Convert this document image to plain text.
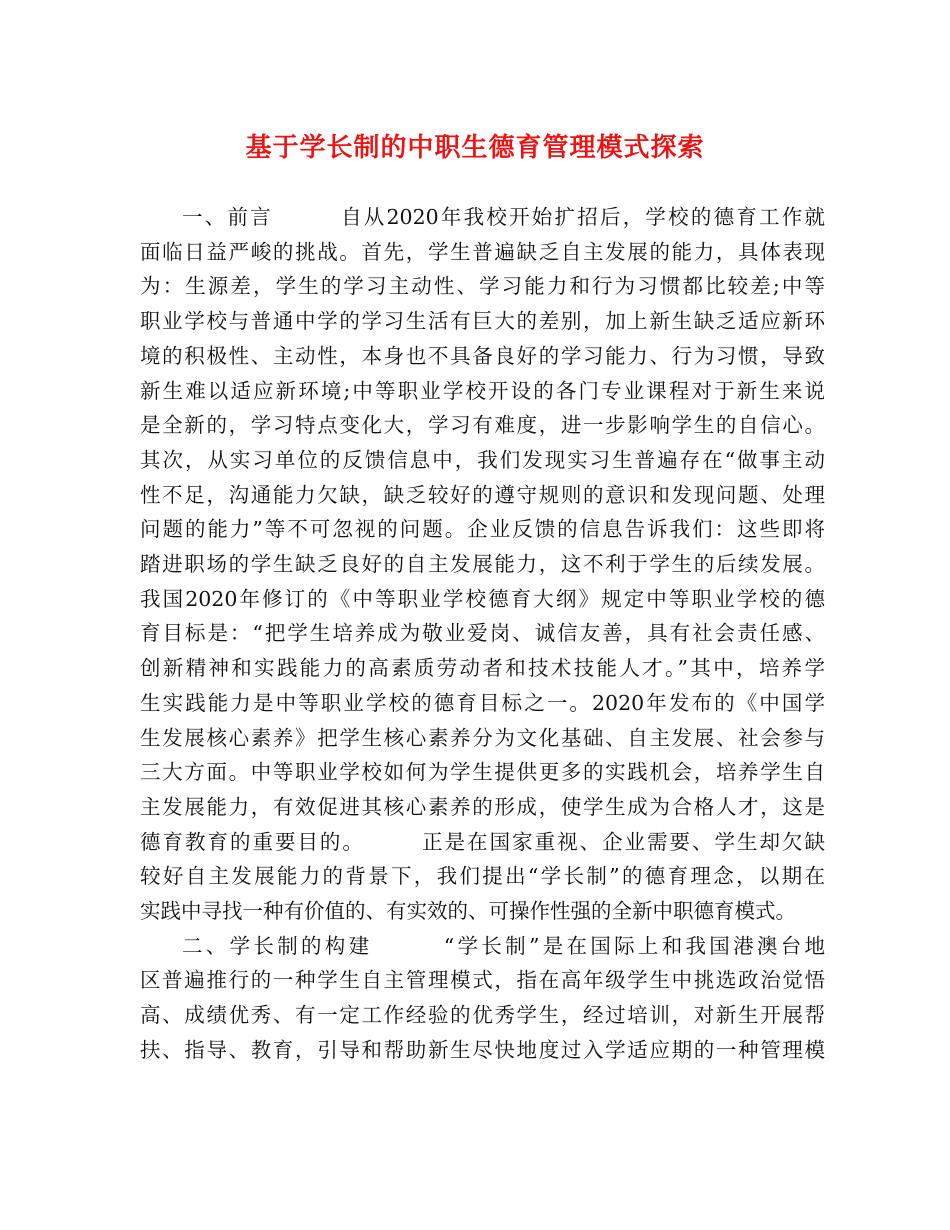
基于学长制的中职生德育管理模式探索
一、前言　　　自从2020年我校开始扩招后，学校的德育工作就
面临日益严峻的挑战。首先，学生普遍缺乏自主发展的能力，具体表现
为：生源差，学生的学习主动性、学习能力和行为习惯都比较差;中等
职业学校与普通中学的学习生活有巨大的差别，加上新生缺乏适应新环
境的积极性、主动性，本身也不具备良好的学习能力、行为习惯，导致
新生难以适应新环境;中等职业学校开设的各门专业课程对于新生来说
是全新的，学习特点变化大，学习有难度，进一步影响学生的自信心。
其次，从实习单位的反馈信息中，我们发现实习生普遍存在“做事主动
性不足，沟通能力欠缺，缺乏较好的遵守规则的意识和发现问题、处理
问题的能力”等不可忽视的问题。企业反馈的信息告诉我们：这些即将
踏进职场的学生缺乏良好的自主发展能力，这不利于学生的后续发展。
我国2020年修订的《中等职业学校德育大纲》规定中等职业学校的德
育目标是：“把学生培养成为敬业爱岗、诚信友善，具有社会责任感、
创新精神和实践能力的高素质劳动者和技术技能人才。”其中，培养学
生实践能力是中等职业学校的德育目标之一。2020年发布的《中国学
生发展核心素养》把学生核心素养分为文化基础、自主发展、社会参与
三大方面。中等职业学校如何为学生提供更多的实践机会，培养学生自
主发展能力，有效促进其核心素养的形成，使学生成为合格人才，这是
德育教育的重要目的。　　　正是在国家重视、企业需要、学生却欠缺
较好自主发展能力的背景下，我们提出“学长制”的德育理念，以期在
实践中寻找一种有价值的、有实效的、可操作性强的全新中职德育模式。
二、学长制的构建　　　“学长制”是在国际上和我国港澳台地
区普遍推行的一种学生自主管理模式，指在高年级学生中挑选政治觉悟
高、成绩优秀、有一定工作经验的优秀学生，经过培训，对新生开展帮
扶、指导、教育，引导和帮助新生尽快地度过入学适应期的一种管理模
